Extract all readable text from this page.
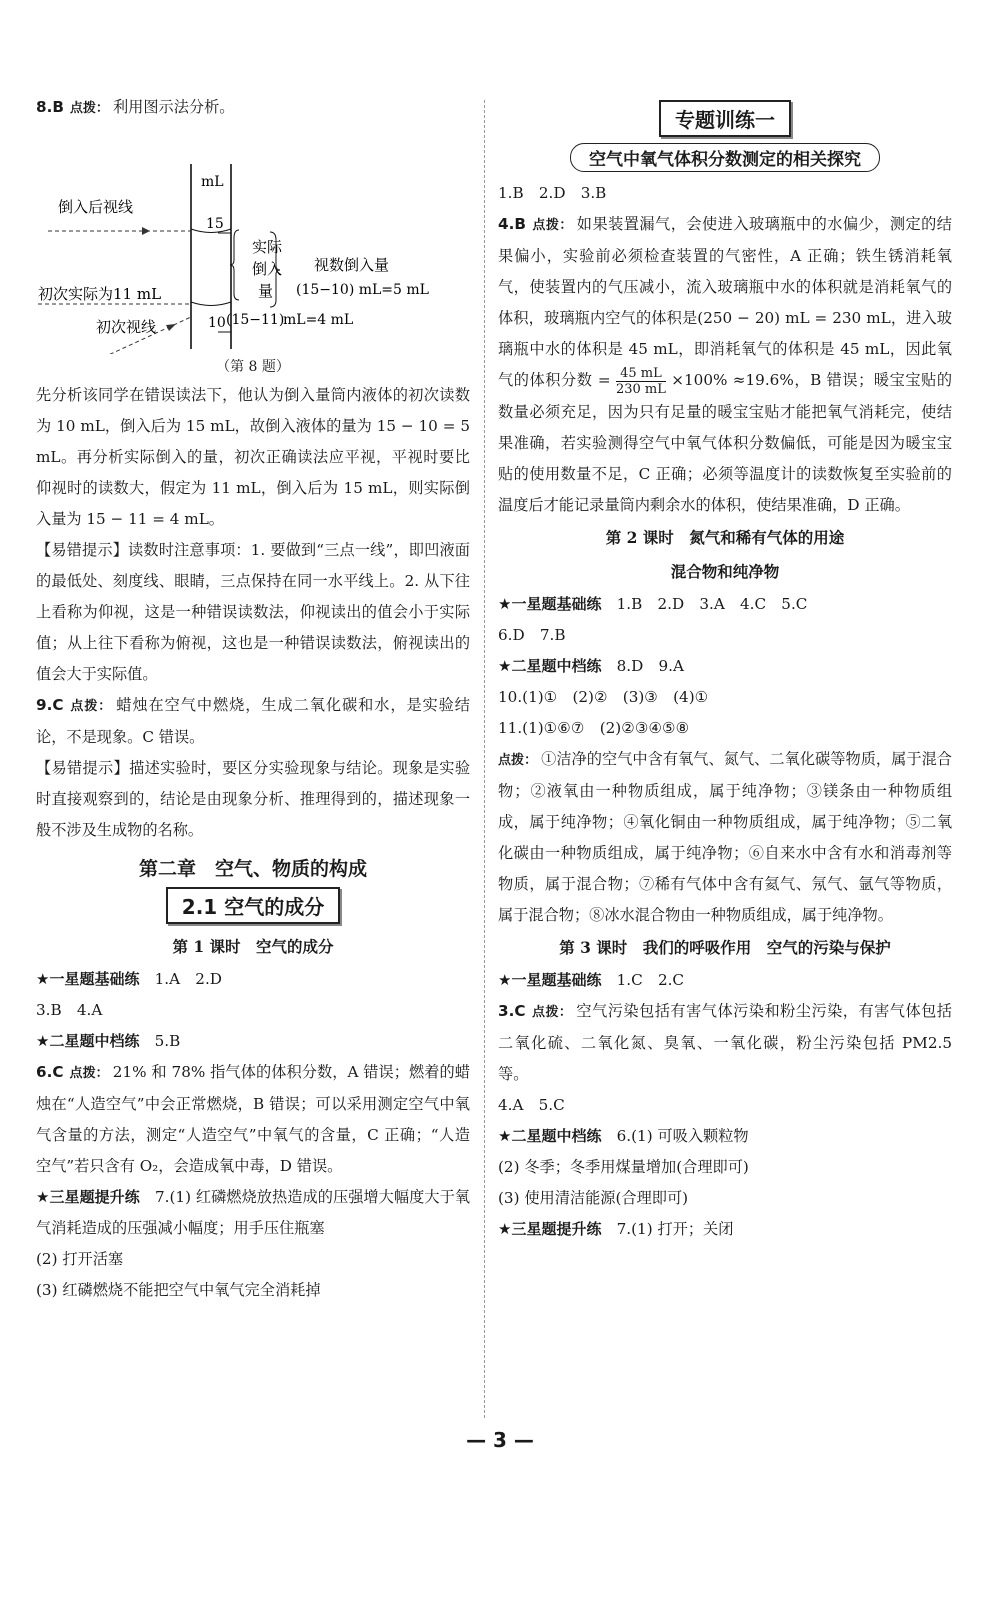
8.B 点拨： 利用图示法分析。

mL
倒入后视线
15
实际
倒入
量
视数倒入量
(15−10) mL=5 mL
初次实际为11 mL
(15−11)
mL=4 mL
10
初次视线
（第 8 题）

先分析该同学在错误读法下，他认为倒入量筒内液体的初次读数为 10 mL，倒入后为 15 mL，故倒入液体的量为 15 − 10 = 5 mL。再分析实际倒入的量，初次正确读法应平视，平视时要比仰视时的读数大，假定为 11 mL，倒入后为 15 mL，则实际倒入量为 15 − 11 = 4 mL。

【易错提示】读数时注意事项：1. 要做到“三点一线”，即凹液面的最低处、刻度线、眼睛，三点保持在同一水平线上。2. 从下往上看称为仰视，这是一种错误读数法，仰视读出的值会小于实际值；从上往下看称为俯视，这也是一种错误读数法，俯视读出的值会大于实际值。

9.C 点拨： 蜡烛在空气中燃烧，生成二氧化碳和水，是实验结论，不是现象。C 错误。

【易错提示】描述实验时，要区分实验现象与结论。现象是实验时直接观察到的，结论是由现象分析、推理得到的，描述现象一般不涉及生成物的名称。

第二章　空气、物质的构成
2.1 空气的成分
第 1 课时　空气的成分

★一星题基础练　 1.A　2.D

3.B　4.A

★二星题中档练　 5.B

6.C 点拨： 21% 和 78% 指气体的体积分数，A 错误；燃着的蜡烛在“人造空气”中会正常燃烧，B 错误；可以采用测定空气中氧气含量的方法，测定“人造空气”中氧气的含量，C 正确；“人造空气”若只含有 O₂，会造成氧中毒，D 错误。

★三星题提升练　 7.(1) 红磷燃烧放热造成的压强增大幅度大于氧气消耗造成的压强减小幅度；用手压住瓶塞

(2) 打开活塞

(3) 红磷燃烧不能把空气中氧气完全消耗掉

专题训练一
空气中氧气体积分数测定的相关探究

1.B　2.D　3.B

4.B 点拨： 如果装置漏气，会使进入玻璃瓶中的水偏少，测定的结果偏小，实验前必须检查装置的气密性，A 正确；铁生锈消耗氧气，使装置内的气压减小，流入玻璃瓶中水的体积就是消耗氧气的体积，玻璃瓶内空气的体积是(250 − 20) mL = 230 mL，进入玻璃瓶中水的体积是 45 mL，即消耗氧气的体积是 45 mL，因此氧气的体积分数 = $\frac{45 mL}{230 mL} \times 100\% \approx 19.6\%$，B 错误；暖宝宝贴的数量必须充足，因为只有足量的暖宝宝贴才能把氧气消耗完，使结果准确，若实验测得空气中氧气体积分数偏低，可能是因为暖宝宝贴的使用数量不足，C 正确；必须等温度计的读数恢复至实验前的温度后才能记录量筒内剩余水的体积，使结果准确，D 正确。

第 2 课时　氮气和稀有气体的用途
混合物和纯净物

★一星题基础练　 1.B　2.D　3.A　4.C　5.C

6.D　7.B

★二星题中档练　 8.D　9.A

10.(1)①　(2)②　(3)③　(4)①

11.(1)①⑥⑦　(2)②③④⑤⑧

点拨： ①洁净的空气中含有氧气、氮气、二氧化碳等物质，属于混合物；②液氧由一种物质组成，属于纯净物；③镁条由一种物质组成，属于纯净物；④氧化铜由一种物质组成，属于纯净物；⑤二氧化碳由一种物质组成，属于纯净物；⑥自来水中含有水和消毒剂等物质，属于混合物；⑦稀有气体中含有氦气、氖气、氩气等物质，属于混合物；⑧冰水混合物由一种物质组成，属于纯净物。

第 3 课时　我们的呼吸作用　空气的污染与保护

★一星题基础练　 1.C　2.C

3.C 点拨： 空气污染包括有害气体污染和粉尘污染，有害气体包括二氧化硫、二氧化氮、臭氧、一氧化碳，粉尘污染包括 PM2.5 等。

4.A　5.C

★二星题中档练　 6.(1) 可吸入颗粒物

(2) 冬季；冬季用煤量增加(合理即可)

(3) 使用清洁能源(合理即可)

★三星题提升练　 7.(1) 打开；关闭

— 3 —
